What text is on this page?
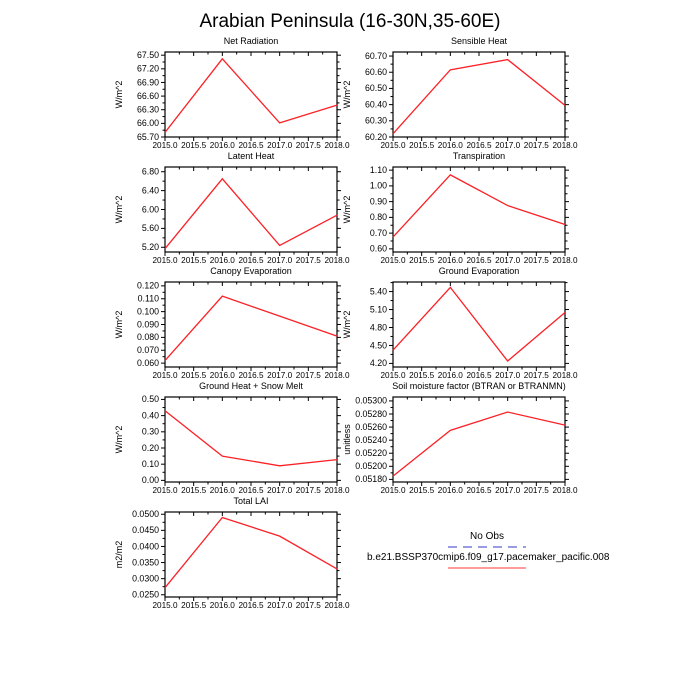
Arabian Peninsula (16-30N,35-60E)
2015.0 2015.5 2016.0 2016.5 2017.0 2017.5 2018.0
65.70
66.00
66.30
66.60
66.90
67.20
67.50
Net Radiation
W/m^2
2015.0 2015.5 2016.0 2016.5 2017.0 2017.5 2018.0
60.20
60.30
60.40
60.50
60.60
60.70
Sensible Heat
W/m^2
2015.0 2015.5 2016.0 2016.5 2017.0 2017.5 2018.0
5.20
5.60
6.00
6.40
6.80
Latent Heat
W/m^2
2015.0 2015.5 2016.0 2016.5 2017.0 2017.5 2018.0
0.60
0.70
0.80
0.90
1.00
1.10
Transpiration
W/m^2
2015.0 2015.5 2016.0 2016.5 2017.0 2017.5 2018.0
0.060
0.070
0.080
0.090
0.100
0.110
0.120
Canopy Evaporation
W/m^2
2015.0 2015.5 2016.0 2016.5 2017.0 2017.5 2018.0
4.20
4.50
4.80
5.10
5.40
Ground Evaporation
W/m^2
2015.0 2015.5 2016.0 2016.5 2017.0 2017.5 2018.0
0.00
0.10
0.20
0.30
0.40
0.50
Ground Heat + Snow Melt
W/m^2
2015.0 2015.5 2016.0 2016.5 2017.0 2017.5 2018.0
0.05180
0.05200
0.05220
0.05240
0.05260
0.05280
0.05300
Soil moisture factor (BTRAN or BTRANMN)
unitless
2015.0 2015.5 2016.0 2016.5 2017.0 2017.5 2018.0
0.0250
0.0300
0.0350
0.0400
0.0450
0.0500
Total LAI
m2/m2
No Obs
b.e21.BSSP370cmip6.f09_g17.pacemaker_pacific.008
